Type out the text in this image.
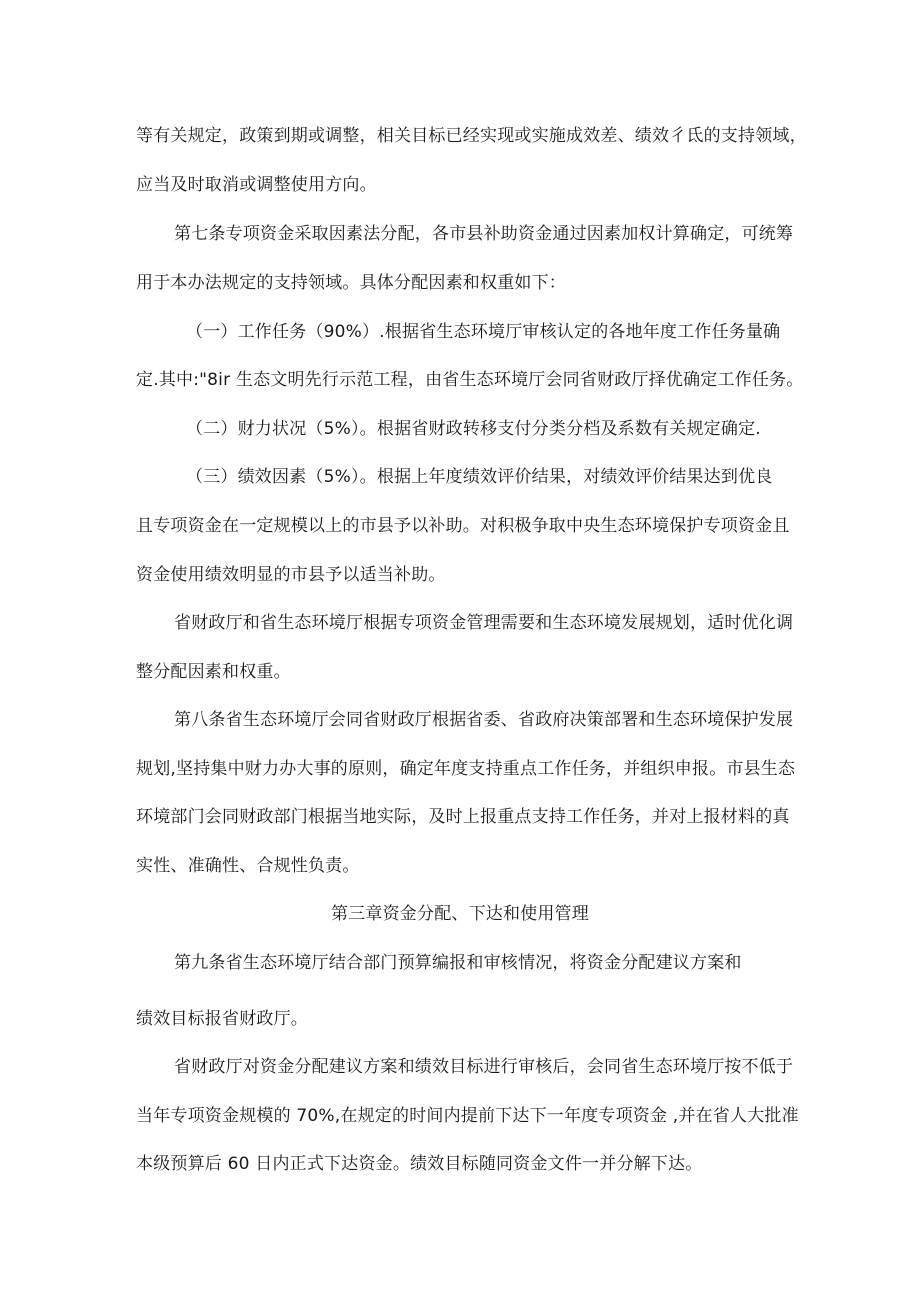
等有关规定，政策到期或调整，相关目标已经实现或实施成效差、绩效彳氐的支持领域，
应当及时取消或调整使用方向。
第七条专项资金采取因素法分配，各市县补助资金通过因素加权计算确定，可统筹
用于本办法规定的支持领域。具体分配因素和权重如下：
（一）工作任务（90%）.根据省生态环境厅审核认定的各地年度工作任务量确
定.其中:"8ir 生态文明先行示范工程，由省生态环境厅会同省财政厅择优确定工作任务。
（二）财力状况（5%）。根据省财政转移支付分类分档及系数有关规定确定.
（三）绩效因素（5%）。根据上年度绩效评价结果，对绩效评价结果达到优良
且专项资金在一定规模以上的市县予以补助。对积极争取中央生态环境保护专项资金且
资金使用绩效明显的市县予以适当补助。
省财政厅和省生态环境厅根据专项资金管理需要和生态环境发展规划，适时优化调
整分配因素和权重。
第八条省生态环境厅会同省财政厅根据省委、省政府决策部署和生态环境保护发展
规划,坚持集中财力办大事的原则，确定年度支持重点工作任务，并组织申报。市县生态
环境部门会同财政部门根据当地实际，及时上报重点支持工作任务，并对上报材料的真
实性、准确性、合规性负责。
第三章资金分配、下达和使用管理
第九条省生态环境厅结合部门预算编报和审核情况，将资金分配建议方案和
绩效目标报省财政厅。
省财政厅对资金分配建议方案和绩效目标进行审核后，会同省生态环境厅按不低于
当年专项资金规模的 70%,在规定的时间内提前下达下一年度专项资金 ,并在省人大批准
本级预算后 60 日内正式下达资金。绩效目标随同资金文件一并分解下达。
